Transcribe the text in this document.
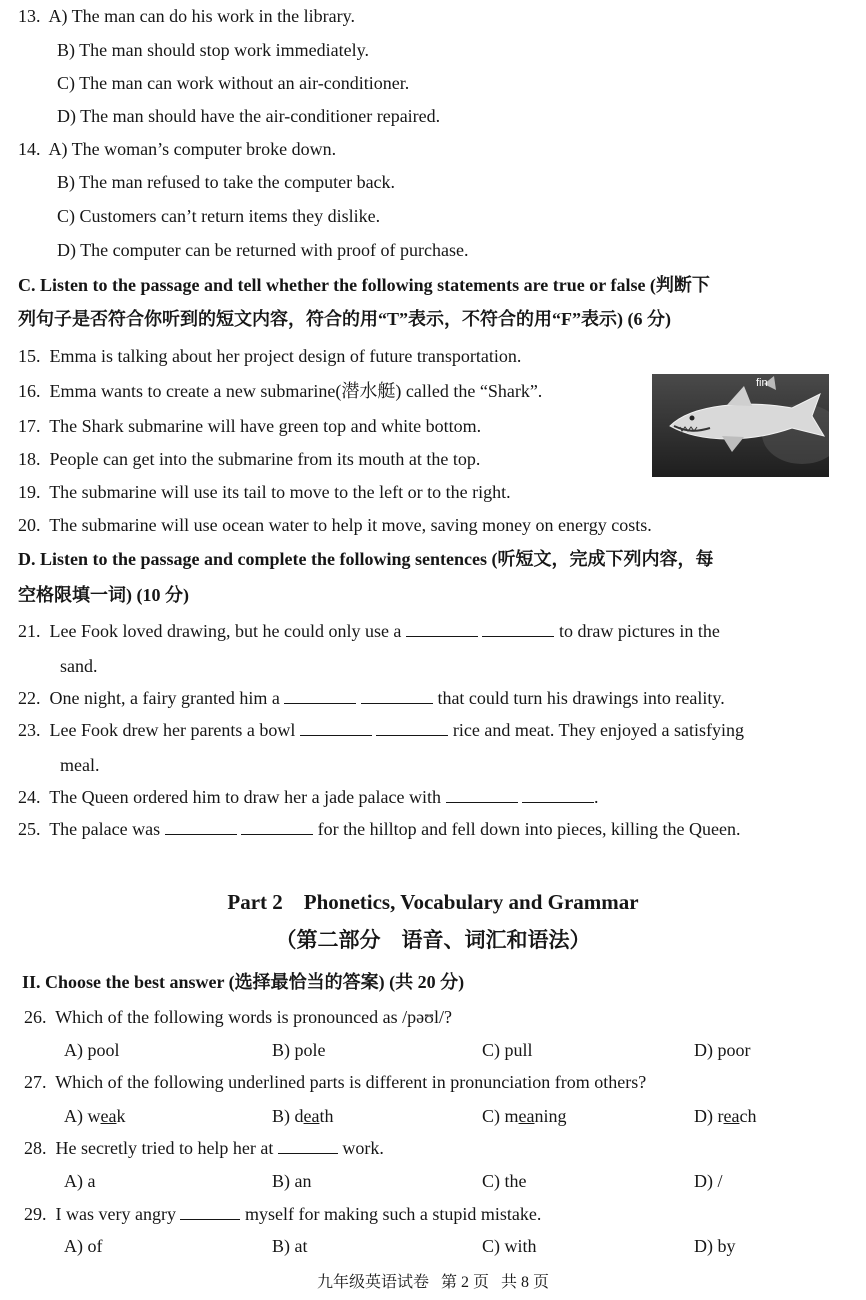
13. A) The man can do his work in the library.
B) The man should stop work immediately.
C) The man can work without an air-conditioner.
D) The man should have the air-conditioner repaired.
14. A) The woman’s computer broke down.
B) The man refused to take the computer back.
C) Customers can’t return items they dislike.
D) The computer can be returned with proof of purchase.
C. Listen to the passage and tell whether the following statements are true or false (判断下
列句子是否符合你听到的短文内容，符合的用“T”表示，不符合的用“F”表示) (6 分)
15. Emma is talking about her project design of future transportation.
16. Emma wants to create a new submarine(潜水艇) called the “Shark”.
17. The Shark submarine will have green top and white bottom.
18. People can get into the submarine from its mouth at the top.
19. The submarine will use its tail to move to the left or to the right.
20. The submarine will use ocean water to help it move, saving money on energy costs.
fin
D. Listen to the passage and complete the following sentences (听短文，完成下列内容，每
空格限填一词) (10 分)
21. Lee Fook loved drawing, but he could only use a	to draw pictures in the
sand.
22. One night, a fairy granted him a	that could turn his drawings into reality.
23. Lee Fook drew her parents a bowl	rice and meat. They enjoyed a satisfying
meal.
24. The Queen ordered him to draw her a jade palace with	.
25. The palace was	for the hilltop and fell down into pieces, killing the Queen.
Part 2    Phonetics, Vocabulary and Grammar
（第二部分    语音、词汇和语法）
II. Choose the best answer (选择最恰当的答案) (共 20 分)
26. Which of the following words is pronounced as /pəʊl/?
A) pool	B) pole	C) pull	D) poor
27. Which of the following underlined parts is different in pronunciation from others?
A) weak	B) death	C) meaning	D) reach
28. He secretly tried to help her at	work.
A) a	B) an	C) the	D) /
29. I was very angry	myself for making such a stupid mistake.
A) of	B) at	C) with	D) by
九年级英语试卷   第 2 页   共 8 页
